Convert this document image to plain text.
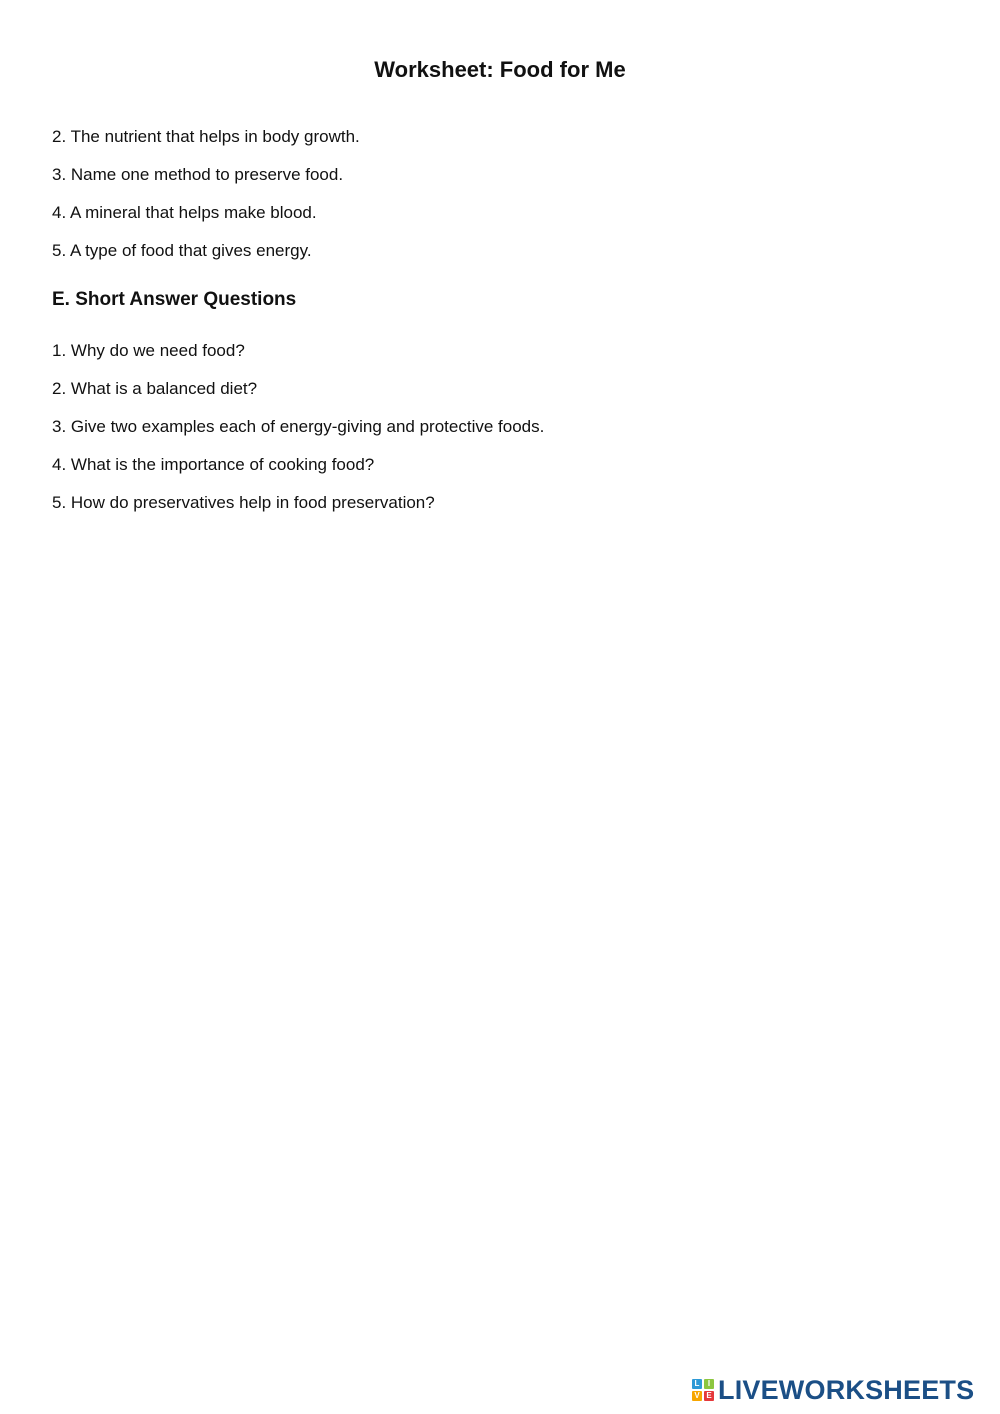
Worksheet: Food for Me
2. The nutrient that helps in body growth.
3. Name one method to preserve food.
4. A mineral that helps make blood.
5. A type of food that gives energy.
E. Short Answer Questions
1. Why do we need food?
2. What is a balanced diet?
3. Give two examples each of energy-giving and protective foods.
4. What is the importance of cooking food?
5. How do preservatives help in food preservation?
L	I
V E LIVEWORKSHEETS
